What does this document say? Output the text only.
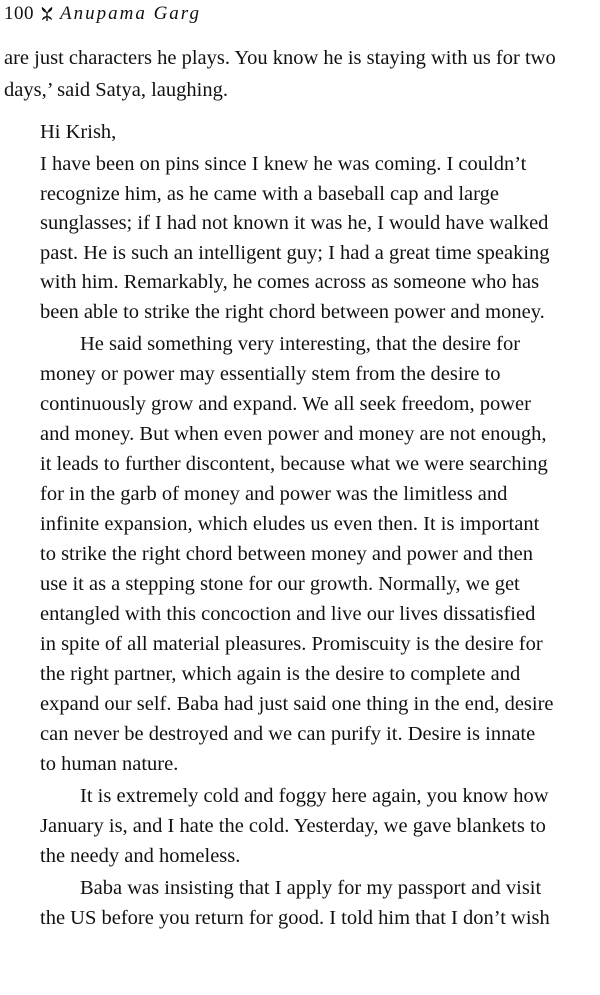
100 Anupama Garg
are just characters he plays. You know he is staying with us for two
days,’ said Satya, laughing.
Hi Krish,
I have been on pins since I knew he was coming. I couldn’t
recognize him, as he came with a baseball cap and large
sunglasses; if I had not known it was he, I would have walked
past. He is such an intelligent guy; I had a great time speaking
with him. Remarkably, he comes across as someone who has
been able to strike the right chord between power and money.
He said something very interesting, that the desire for
money or power may essentially stem from the desire to
continuously grow and expand. We all seek freedom, power
and money. But when even power and money are not enough,
it leads to further discontent, because what we were searching
for in the garb of money and power was the limitless and
infinite expansion, which eludes us even then. It is important
to strike the right chord between money and power and then
use it as a stepping stone for our growth. Normally, we get
entangled with this concoction and live our lives dissatisfied
in spite of all material pleasures. Promiscuity is the desire for
the right partner, which again is the desire to complete and
expand our self. Baba had just said one thing in the end, desire
can never be destroyed and we can purify it. Desire is innate
to human nature.
It is extremely cold and foggy here again, you know how
January is, and I hate the cold. Yesterday, we gave blankets to
the needy and homeless.
Baba was insisting that I apply for my passport and visit
the US before you return for good. I told him that I don’t wish
